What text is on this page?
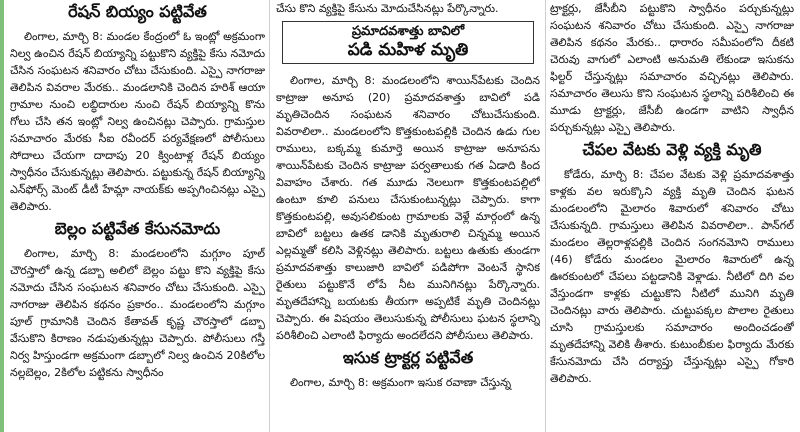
రేషన్‌ బియ్యం పట్టివేత

లింగాల, మార్చి 8: మండల కేంద్రంలో ఓ ఇంట్లో అక్రమంగా నిల్వ ఉంచిన రేషన్‌ బియ్యాన్ని పట్టుకొని వ్యక్తిపై కేసు నమోదు చేసిన సంఘటన శనివారం చోటు చేసుకుంది. ఎస్పై నాగరాజు తెలిపిన వివరాల మేరకు.. మండలానికి చెందిన హరిశ్‌ ఆయా గ్రామాల నుంచి లబ్ధిదారుల నుంచి రేషన్‌ బియ్యాన్ని కొను గోలు చేసి తన ఇంట్లో నిల్వ ఉంచినట్లు చెప్పారు. గ్రామస్తుల సమాచారం మేరకు సీఐ రవీందర్‌ పర్యవేక్షణలో పోలీసులు సోదాలు చేయగా దాదాపు 20 క్వింటాళ్ల రేషన్‌ బియ్యం స్వాధీనం చేసుకున్నట్లు తెలిపారు. పట్టుకున్న రేషన్‌ బియ్యాన్ని ఎన్‌ఫోర్స్‌ మెంట్‌ డీటీ హేమ్లా నాయక్‌కు అప్పగించినట్లు ఎస్పై తెలిపారు.

బెల్లం పట్టివేత కేసునమోదు

లింగాల, మార్చి 8: మండలంలోని మగ్గూం పూల్‌ చౌరస్తాలో ఉన్న డబ్బా అలిలో బెల్లం పట్టు కొని వ్యక్తిపై కేసు నమోదు చేసిన సంఘటన శనివారం చోటు చేసుకుంది. ఎస్పై నాగరాజు తెలిపిన కథనం ప్రకారం.. మండలంలోని మగ్గూం పూల్‌ గ్రామానికి చెందిన కేతావత్‌ కృష్ణ చౌరస్తాలో డబ్బా వేసుకొని కిరాణం నడుపుతున్నట్లు చెప్పారు. పోలీసులు గస్తీ నిర్వ హిస్తుండగా అక్రమంగా డబ్బాలో నిల్వ ఉంచిన 20కిలోల నల్లబెల్లం, 2కిలోల పట్టికను స్వాధీనం

చేసు కొని వ్యక్తిపై కేసును మోదుచేసినట్లు పేర్కొన్నారు.

ప్రమాదవశాత్తు బావిలో
పడి మహిళ మృతి

లింగాల, మార్చి 8: మండలంలోని శాయిన్‌పేటకు చెందిన కాట్రాజు అనూప (20) ప్రమాదవశాత్తు బావిలో పడి మృతిచెందిన సంఘటన శనివారం చోటుచేసుకుంది. వివరాలిలా.. మండలంలోని కొత్తకుంటపల్లికి చెందిన ఉడు గుల రాములు, బక్కమ్మ కుమార్తె అయిన కాట్రాజు అనూపను శాయిన్‌పేటకు చెందిన కాట్రాజు పర్వతాలుకు గత ఏడాది కింద వివాహం చేశారు. గత మూడు నెలలుగా కొత్తకుంటపల్లిలో ఉంటూ కూలి పనులు చేసుకుంటున్నట్లు చెప్పారు. కాగా కొత్తకుంటపల్లి, అవుసలికుంట గ్రామాలకు వెళ్లే మార్గంలో ఉన్న బావిలో బట్టలు ఉతక డానికి మృతురాలి చిన్నమ్మ అయిన ఎల్లమ్మతో కలిసి వెళ్లినట్లు తెలిపారు. బట్టలు ఉతుకు తుండగా ప్రమాదవశాత్తు కాలుజారి బావిలో పడిపోగా వెంటనే స్థానిక రైతులు పట్టుకొనే లోపే నీట మునిగినట్లు పేర్కొన్నారు. మృతదేహాన్ని బయటకు తీయగా అప్పటికే మృతి చెందినట్లు చెప్పారు. ఈ విషయం తెలుసుకున్న పోలీసులు ఘటన స్థలాన్ని పరిశీలించి ఎలాంటి ఫిర్యాదు అందలేదని పోలీసులు తెలిపారు.

ఇసుక ట్రాక్టర్ల పట్టివేత

లింగాల, మార్చి 8: అక్రమంగా ఇసుక రవాణా చేస్తున్న

ట్రాక్టర్లు, జేసీబీని పట్టుకొని స్వాధీనం పర్చుకున్నట్లు సంఘటన శనివారం చోటు చేసుకుంది. ఎస్పై నాగరాజు తెలిపిన కథనం మేరకు.. ధారారం సమీపంలోని దీకటి చెరువు వాగులో ఎలాంటి అనుమతి లేకుండా ఇసుకను ఫిల్టర్‌ చేస్తున్నట్లు సమాచారం వచ్చినట్లు తెలిపారు. సమాచారం తెలుసు కొని సంఘటన స్థలాన్ని పరిశీలించి ఈ మూడు ట్రాక్టర్లు, జేసీబీ ఉండగా వాటిని స్వాధీన పర్చుకున్నట్లు ఎస్పై తెలిపారు.

చేపల వేటకు వెళ్లి వ్యక్తి మృతి

కోడేరు, మార్చి 8: చేపల వేటకు వెళ్లి ప్రమాదవశాత్తు కాళ్లకు వల ఇరుక్కొని వ్యక్తి మృతి చెందిన ఘటన మండలంలోని మైలారం శివారులో శనివారం చోటు చేసుకున్నది. గ్రామస్తులు తెలిపిన వివరాలిలా.. పాన్‌గల్‌ మండలం తెల్లరాళ్లపల్లికి చెందిన సంగనమోని రాములు (46) కోడేరు మండలం మైలారం శివారులో ఉన్న ఊరకుంటలో చేపలు పట్టడానికి వెళ్లాడు. నీటిలో దిగి వల వేస్తుండగా కాళ్లకు చుట్టుకొని నీటిలో మునిగి మృతి చెందినట్లు వారు తెలిపారు. చుట్టుపక్కల పొలాల రైతులు చూసి గ్రామస్తులకు సమాచారం అందించడంతో మృతదేహాన్ని వెలికి తీశారు. కుటుంబీకుల ఫిర్యాదు మేరకు కేసునమోదు చేసి దర్యాప్తు చేస్తున్నట్లు ఎస్పై గోకారి తెలిపారు.
